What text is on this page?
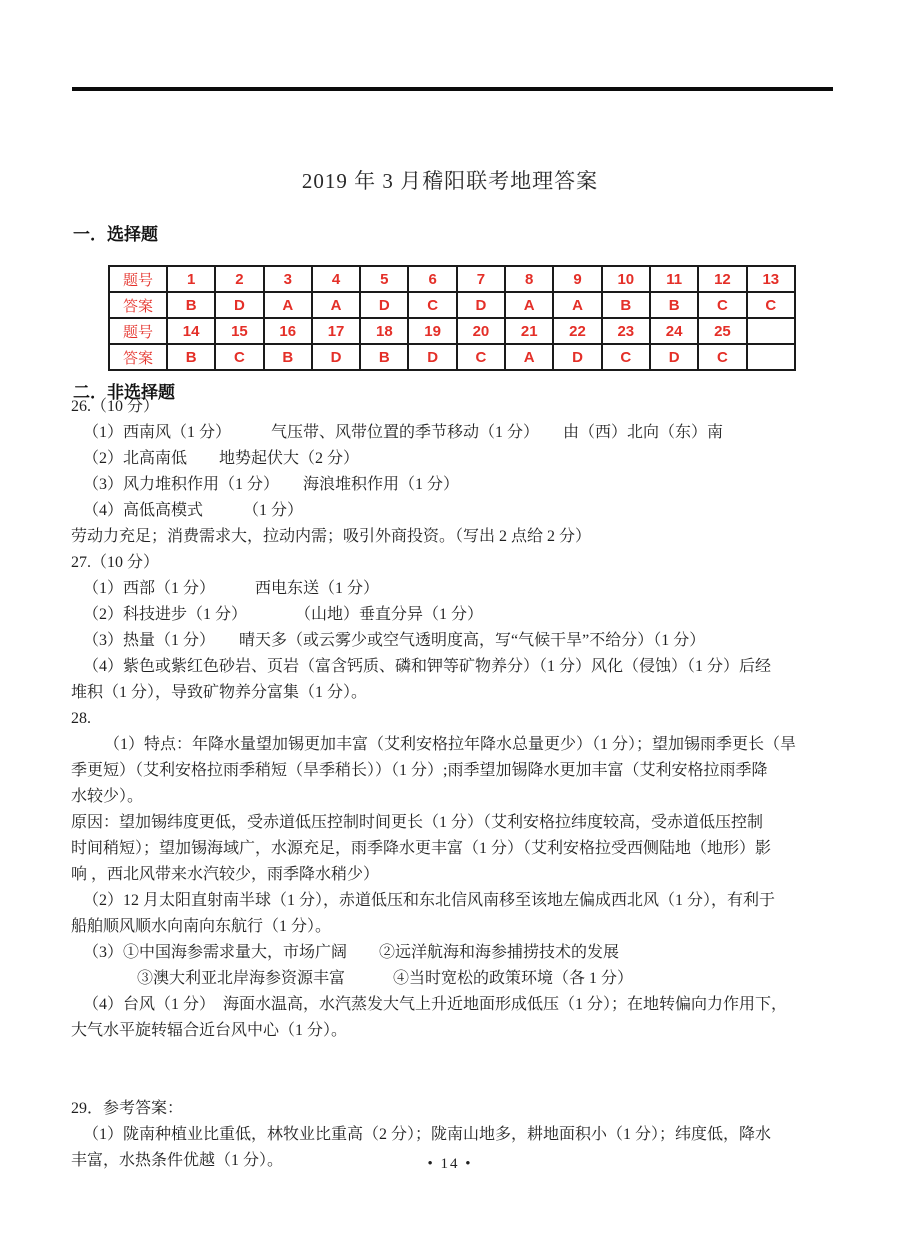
2019 年 3 月稽阳联考地理答案
一．选择题
题号	1	2	3	4	5	6	7	8	9	10	11	12	13
答案	B	D	A	A	D	C	D	A	A	B	B	C	C
题号	14	15	16	17	18	19	20	21	22	23	24	25	
答案	B	C	B	D	B	D	C	A	D	C	D	C	
二．非选择题
26.（10 分）
（1）西南风（1 分）　　　气压带、风带位置的季节移动（1 分）　　由（西）北向（东）南
（2）北高南低　　地势起伏大（2 分）
（3）风力堆积作用（1 分）　　海浪堆积作用（1 分）
（4）高低高模式　　　（1 分）
劳动力充足；消费需求大，拉动内需；吸引外商投资。（写出 2 点给 2 分）
27.（10 分）
（1）西部（1 分）　　　西电东送（1 分）
（2）科技进步（1 分）　　　　（山地）垂直分异（1 分）
（3）热量（1 分）　　晴天多（或云雾少或空气透明度高，写“气候干旱”不给分）（1 分）
（4）紫色或紫红色砂岩、页岩（富含钙质、磷和钾等矿物养分）（1 分）风化（侵蚀）（1 分）后经
堆积（1 分），导致矿物养分富集（1 分）。
28.
（1）特点：年降水量望加锡更加丰富（艾利安格拉年降水总量更少）（1 分）；望加锡雨季更长（旱
季更短）（艾利安格拉雨季稍短（旱季稍长））（1 分）;雨季望加锡降水更加丰富（艾利安格拉雨季降
水较少）。
原因：望加锡纬度更低，受赤道低压控制时间更长（1 分）（艾利安格拉纬度较高，受赤道低压控制
时间稍短）；望加锡海域广，水源充足，雨季降水更丰富（1 分）（艾利安格拉受西侧陆地（地形）影
响 ，西北风带来水汽较少，雨季降水稍少）
（2）12 月太阳直射南半球（1 分），赤道低压和东北信风南移至该地左偏成西北风（1 分），有利于
船舶顺风顺水向南向东航行（1 分）。
（3）①中国海参需求量大，市场广阔　　②远洋航海和海参捕捞技术的发展
③澳大利亚北岸海参资源丰富　　　④当时宽松的政策环境（各 1 分）
（4）台风（1 分）　海面水温高，水汽蒸发大气上升近地面形成低压（1 分）；在地转偏向力作用下，
大气水平旋转辐合近台风中心（1 分）。
29．参考答案：
（1）陇南种植业比重低，林牧业比重高（2 分）；陇南山地多，耕地面积小（1 分）；纬度低，降水
丰富，水热条件优越（1 分）。	• 14 •
